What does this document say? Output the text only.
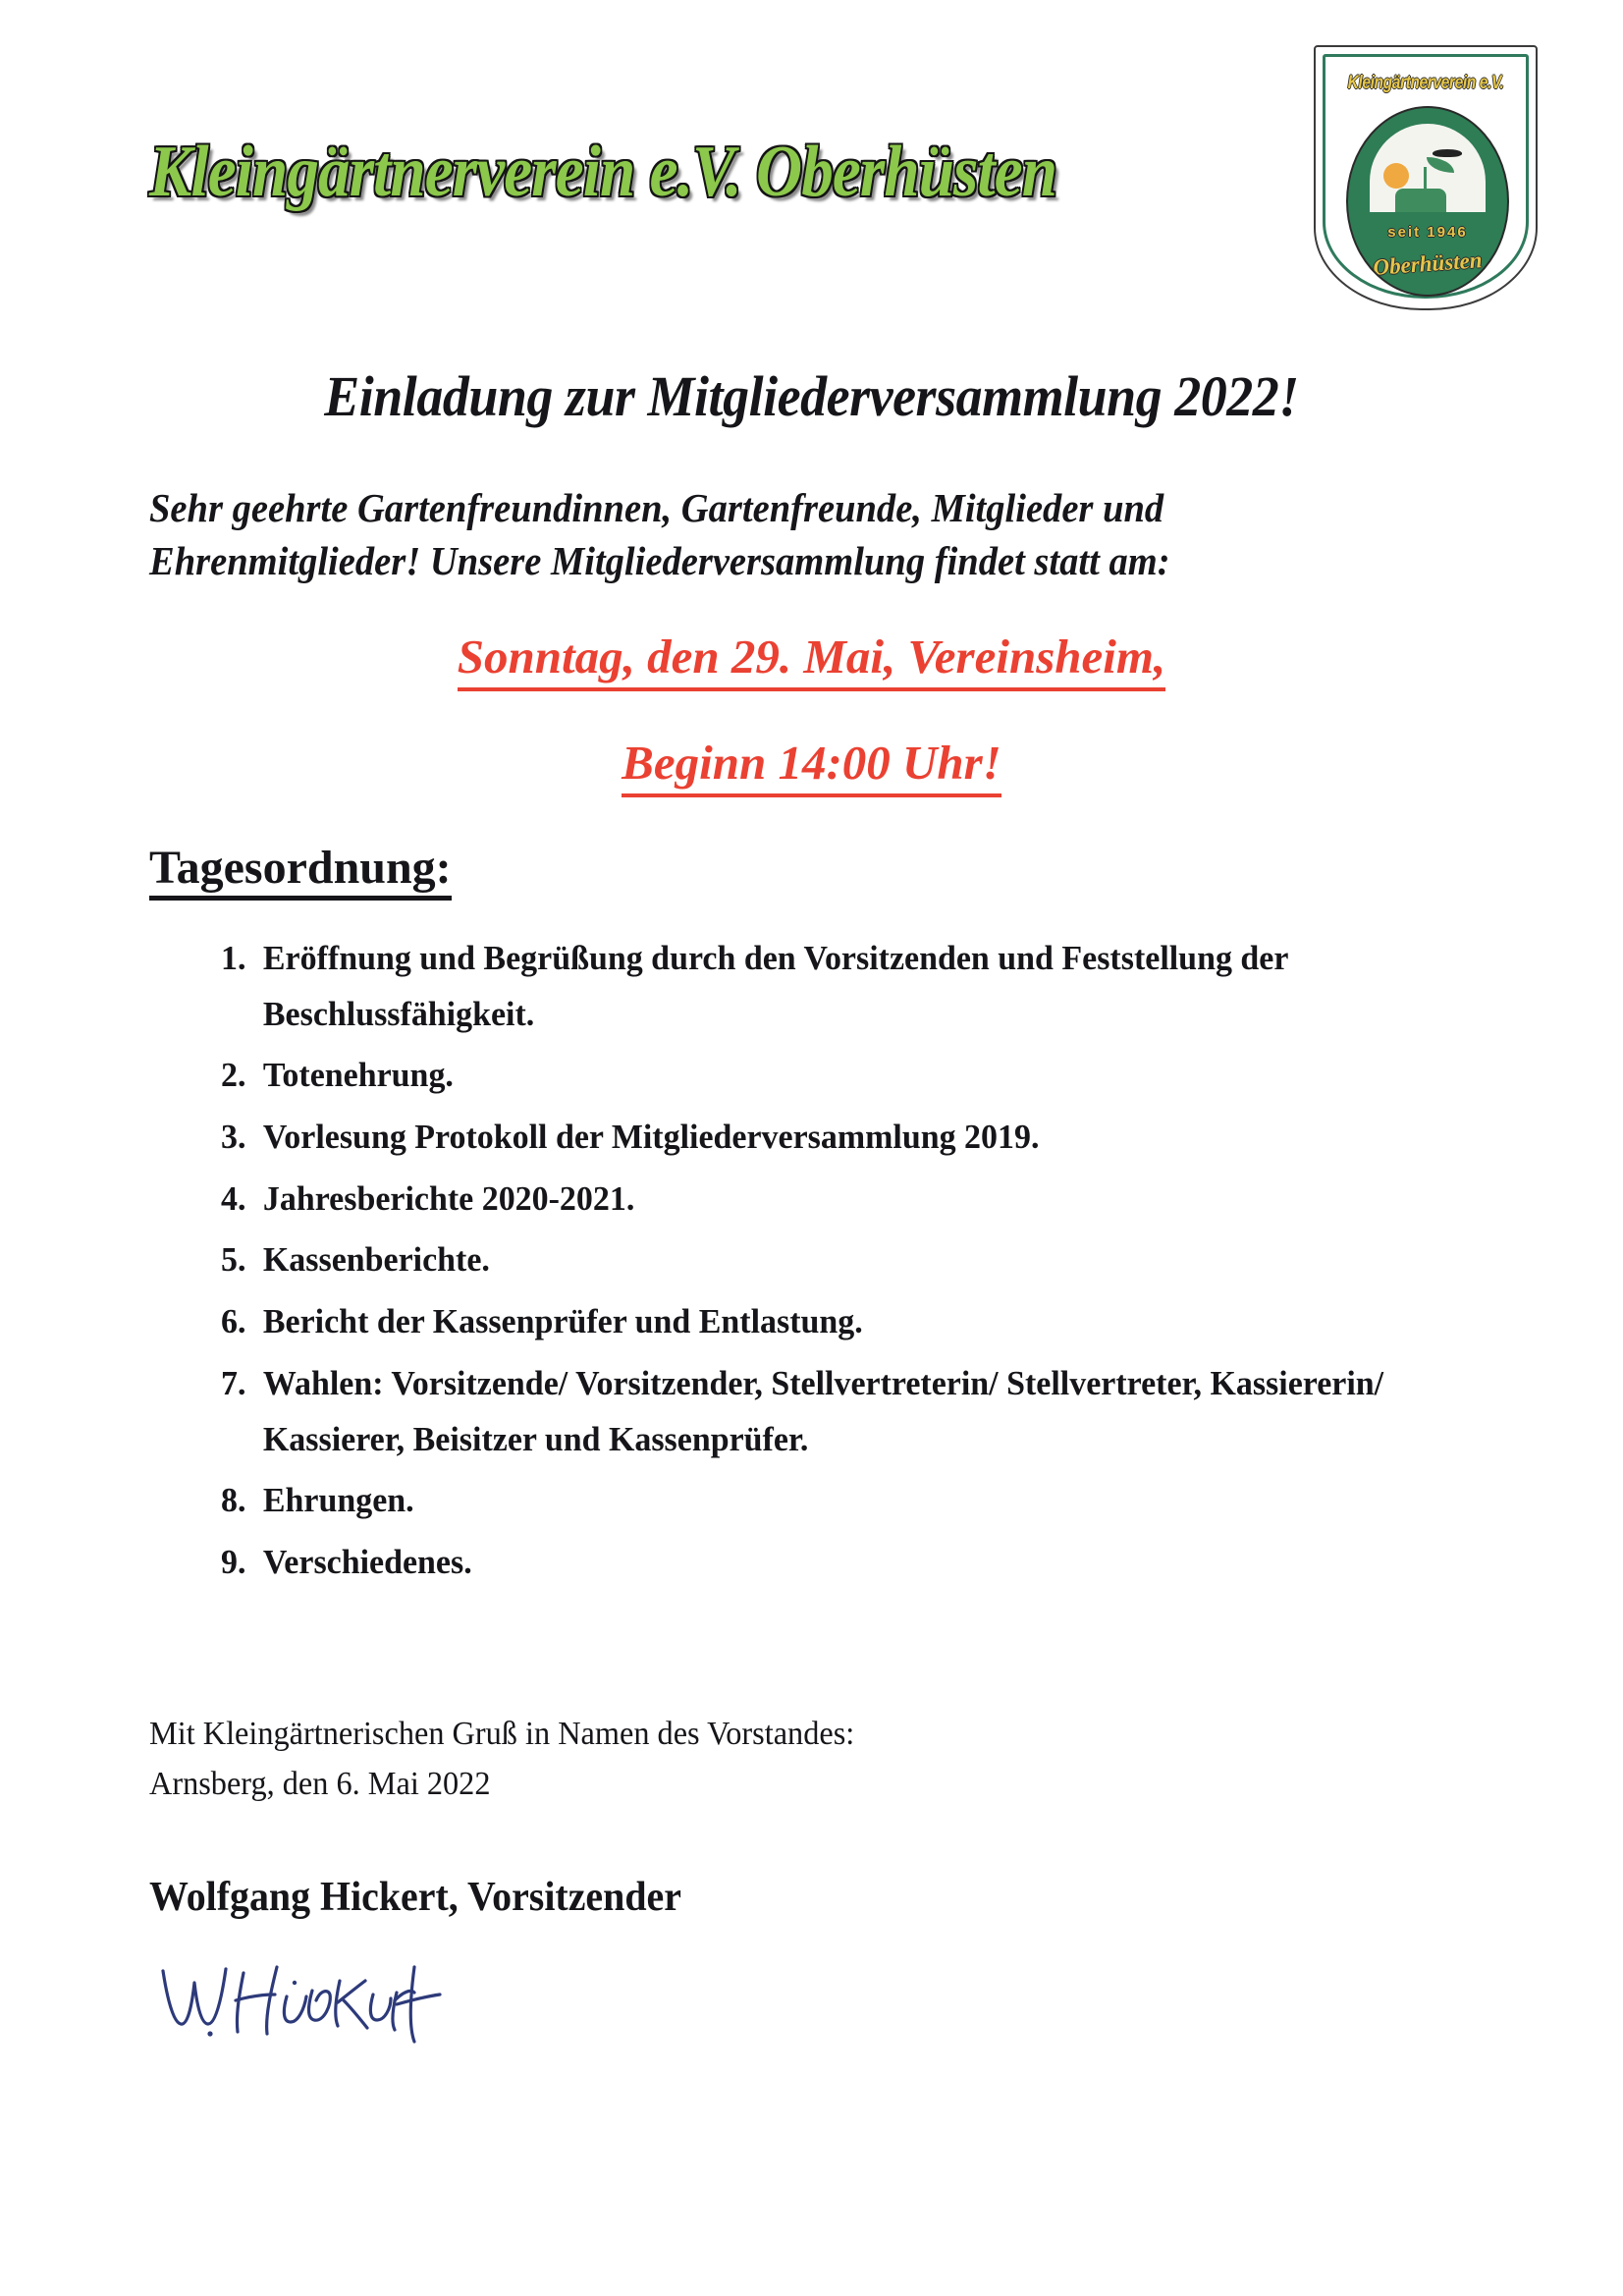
Kleingärtnerverein e.V. Oberhüsten
Kleingärtnerverein e.V.
seit 1946
Oberhüsten
Einladung zur Mitgliederversammlung 2022!
Sehr geehrte Gartenfreundinnen, Gartenfreunde, Mitglieder und
Ehrenmitglieder! Unsere Mitgliederversammlung findet statt am:
Sonntag, den 29. Mai, Vereinsheim,
Beginn 14:00 Uhr!
Tagesordnung:
1. Eröffnung und Begrüßung durch den Vorsitzenden und Feststellung der Beschlussfähigkeit.
2. Totenehrung.
3. Vorlesung Protokoll der Mitgliederversammlung 2019.
4. Jahresberichte 2020-2021.
5. Kassenberichte.
6. Bericht der Kassenprüfer und Entlastung.
7. Wahlen: Vorsitzende/ Vorsitzender, Stellvertreterin/ Stellvertreter, Kassiererin/ Kassierer, Beisitzer und Kassenprüfer.
8. Ehrungen.
9. Verschiedenes.
Mit Kleingärtnerischen Gruß in Namen des Vorstandes:
Arnsberg, den 6. Mai 2022
Wolfgang Hickert, Vorsitzender
